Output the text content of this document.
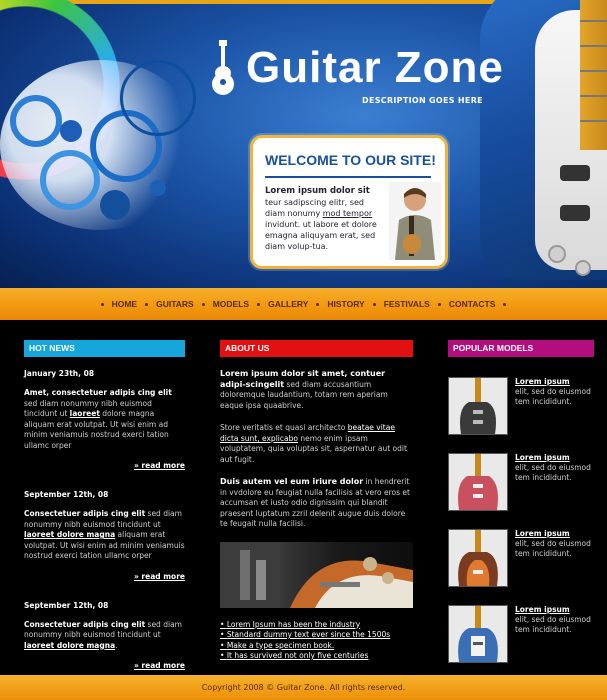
Guitar Zone
DESCRIPTION GOES HERE
WELCOME TO OUR SITE!
Lorem ipsum dolor sit
teur sadipscing elitr, sed diam nonumy mod tempor invidunt. ut labore et dolore emagna aliquyam erat, sed diam volup-tua.
HOME	GUITARS	MODELS	GALLERY	HISTORY	FESTIVALS	CONTACTS
HOT NEWS
January 23th, 08
Amet, consectetuer adipis cing elit sed diam nonummy nibh euismod tincidunt ut laoreet dolore magna aliquam erat volutpat. Ut wisi enim ad minim veniamuis nostrud exerci tation ullamc orper
» read more
September 12th, 08
Consectetuer adipis cing elit sed diam nonummy nibh euismod tincidunt ut laoreet dolore magna aliquam erat volutpat. Ut wisi enim ad minim veniamuis nostrud exerci tation ullamc orper
» read more
September 12th, 08
Consectetuer adipis cing elit sed diam nonummy nibh euismod tincidunt ut laoreet dolore magna.
» read more
ABOUT US
Lorem ipsum dolor sit amet, contuer adipi-scingelit sed diam accusantium doloremque laudantium, totam rem aperiam eaque ipsa quaabrive.
Store veritatis et quasi architecto beatae vitae dicta sunt, explicabo nemo enim ipsam voluptatem, quia voluptas sit, aspernatur aut odit aut fugit.
Duis autem vel eum iriure dolor in hendrerit in vvdolore eu feugiat nulla facilisis at vero eros et accumsan et iusto odio dignissim qui blandit praesent luptatum zzril delenit augue duis dolore te feugait nulla facilisi.
• Lorem Ipsum has been the industry
• Standard dummy text ever since the 1500s
• Make a type specimen book.
• It has survived not only five centuries
POPULAR MODELS
Lorem ipsum
elit, sed do eiusmod tem incididunt.
Lorem ipsum
elit, sed do eiusmod tem incididunt.
Lorem ipsum
elit, sed do eiusmod tem incididunt.
Lorem ipsum
elit, sed do eiusmod tem incididunt.
Copyright 2008 © Guitar Zone. All rights reserved.
